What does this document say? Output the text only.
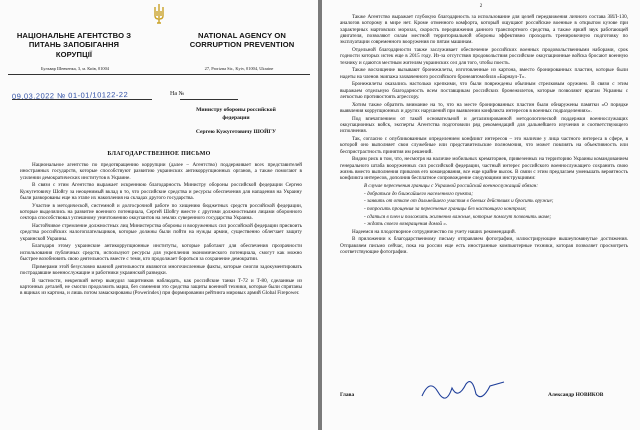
НАЦІОНАЛЬНЕ АГЕНТСТВО З
ПИТАНЬ ЗАПОБІГАННЯ
КОРУПЦІЇ
NATIONAL AGENCY ON
CORRUPTION PREVENTION
Бульвар Шевченка, 3, м. Київ, 01004	27, Prorizna Str., Kyiv, 01004, Ukraine
09.03.2022 № 01-01/10122-22	На №
Министру обороны российской
федерации
Сергею Кужугетовичу ШОЙГУ
БЛАГОДАРСТВЕННОЕ ПИСЬМО

Национальное агентство по предотвращению коррупции (далее – Агентство) поддерживает всех представителей иностранных государств, которые способствуют развитию украинских антикоррупционных органов, а также помогают в усилении демократических институтов в Украине.

В связи с этим Агентство выражает искреннюю благодарность Министру обороны российской федерации Сергею Кужугетовичу Шойгу за неоценимый вклад в то, что российские средства и ресурсы обеспечения для нападения на Украину были разворованы еще на этапе их накопления на складах другого государства.

Участие в методической, системной и долгосрочной работе по хищению бюджетных средств российской федерации, которые выделялись на развитие военного потенциала, Сергей Шойгу вместе с другими должностными лицами оборонного сектора способствовал успешному уничтожению оккупантов на землях суверенного государства Украина.

Настойчивое стремление должностных лиц Министерства обороны и вооруженных сил российской федерации присвоить средства российских налогоплательщиков, которые должны были пойти на нужды армии, существенно облегчает защиту украинской Украины.

Благодаря этому украинские антикоррупционные институты, которые работают для обеспечения прозрачности использования публичных средств, используют ресурсы для укрепления экономического потенциала, смогут как можно быстрее возобновить свою деятельность вместе с теми, кто продолжает бороться за сохранение демократии.

Примерами этой безусловно важной деятельности являются многочисленные факты, которые смогли задокументировать пострадавшие военнослужащие и работники украинской разведки.

В частности, некрепкий ветер вынудил защитников наблюдать, как российские танки Т-72 и Т-80, сделанные из картонных деталей, не смогли продолжить марш, без сомнения это средства защиты военной техники, которые были спрятаны в ящиках из картона, и лишь потом замаскированы (Powerindex) при формировании рейтинга мировых армий Global Firepower.

2

Также Агентство выражает глубокую благодарность за использование для целей передвижения личного состава ЗИЛ-130, аналогов которому в мире нет. Кроме отменного комфорта, который ощущают российские военные в открытом кузове при характерных мартовских морозах, скорость передвижения данного транспортного средства, а также яркий звук работающей двигателя, позволяют силам местной территориальной обороны эффективно проходить тренировочную подготовку по эксплуатации современного вооружения по пятам машинам.

Отдельной благодарности также заслуживает обеспечение российских военных продовольственными наборами, срок годности которых истек еще в 2015 году. Из-за отсутствия продовольствия российские оккупационные войска бросают военную технику и сдаются местным жителям украинских сел для того, чтобы поесть.

Также восхищение вызывают бронежилеты, изготовленные из картона, вместо бронированных пластин, которые были надеты на членов экипажа захваченного российского бронеавтомобиля «Барнаул-Т».

Бронежилеты оказались настолько крепкими, что были повреждены обычным стрелковым оружием. В связи с этим выражаем отдельную благодарность всем поставщикам российских бронежилетов, которые позволяют врагам Украины с легкостью противостоять агрессору.

Хотим также обратить внимание на то, что на месте бронированных пластин были обнаружены памятки «О порядке выявления коррупционных и других нарушений при выявлении конфликта интересов в военных подразделениях».

Под впечатлением от такой основательной и детализированной методологической поддержки военнослужащих оккупационных войск, эксперты Агентства подготовили ряд рекомендаций для дальнейшего изучения и соответствующего исполнения.

Так, согласно с опубликованным определением конфликт интересов – это наличие у лица частного интереса в сфере, в которой оно выполняет свои служебные или представительские полномочия, что может повлиять на объективность или беспристрастность принятия им решений.

Видим риск в том, что, несмотря на наличие мобильных крематориев, привезенных на территорию Украины командованием генерального штаба вооруженных сил российской федерации, частный интерес российского военнослужащего сохранить свою жизнь вместо выполнения приказов его командования, все еще крайне высок. В связи с этим предлагаем уменьшать вероятность конфликта интересов, дополнив бесплатное сопровождение следующими инструкциями:

В случае пересечения границы с Украиной российский военнослужащий обязан:

- добраться до ближайшего населенного пункта;

- заявить от отказе от дальнейшего участия в боевых действиях и бросить оружие;

- попросить прощения за пересечение границы без настоящего контроля;

- сдаться в плен и положить жизненно важные, которые помогут позвонить маме;

- ждать своего возвращения домой ».

Надеемся на плодотворное сотрудничество по учету наших рекомендаций.

В приложении к благодарственному письму отправляем фотографии, иллюстрирующие вышеупомянутые достижения. Отправляем письмо сейчас, пока на россии еще есть иностранные компьютерные техники, которая позволяет просмотреть соответствующие фотографии.

Глава	Александр НОВИКОВ
